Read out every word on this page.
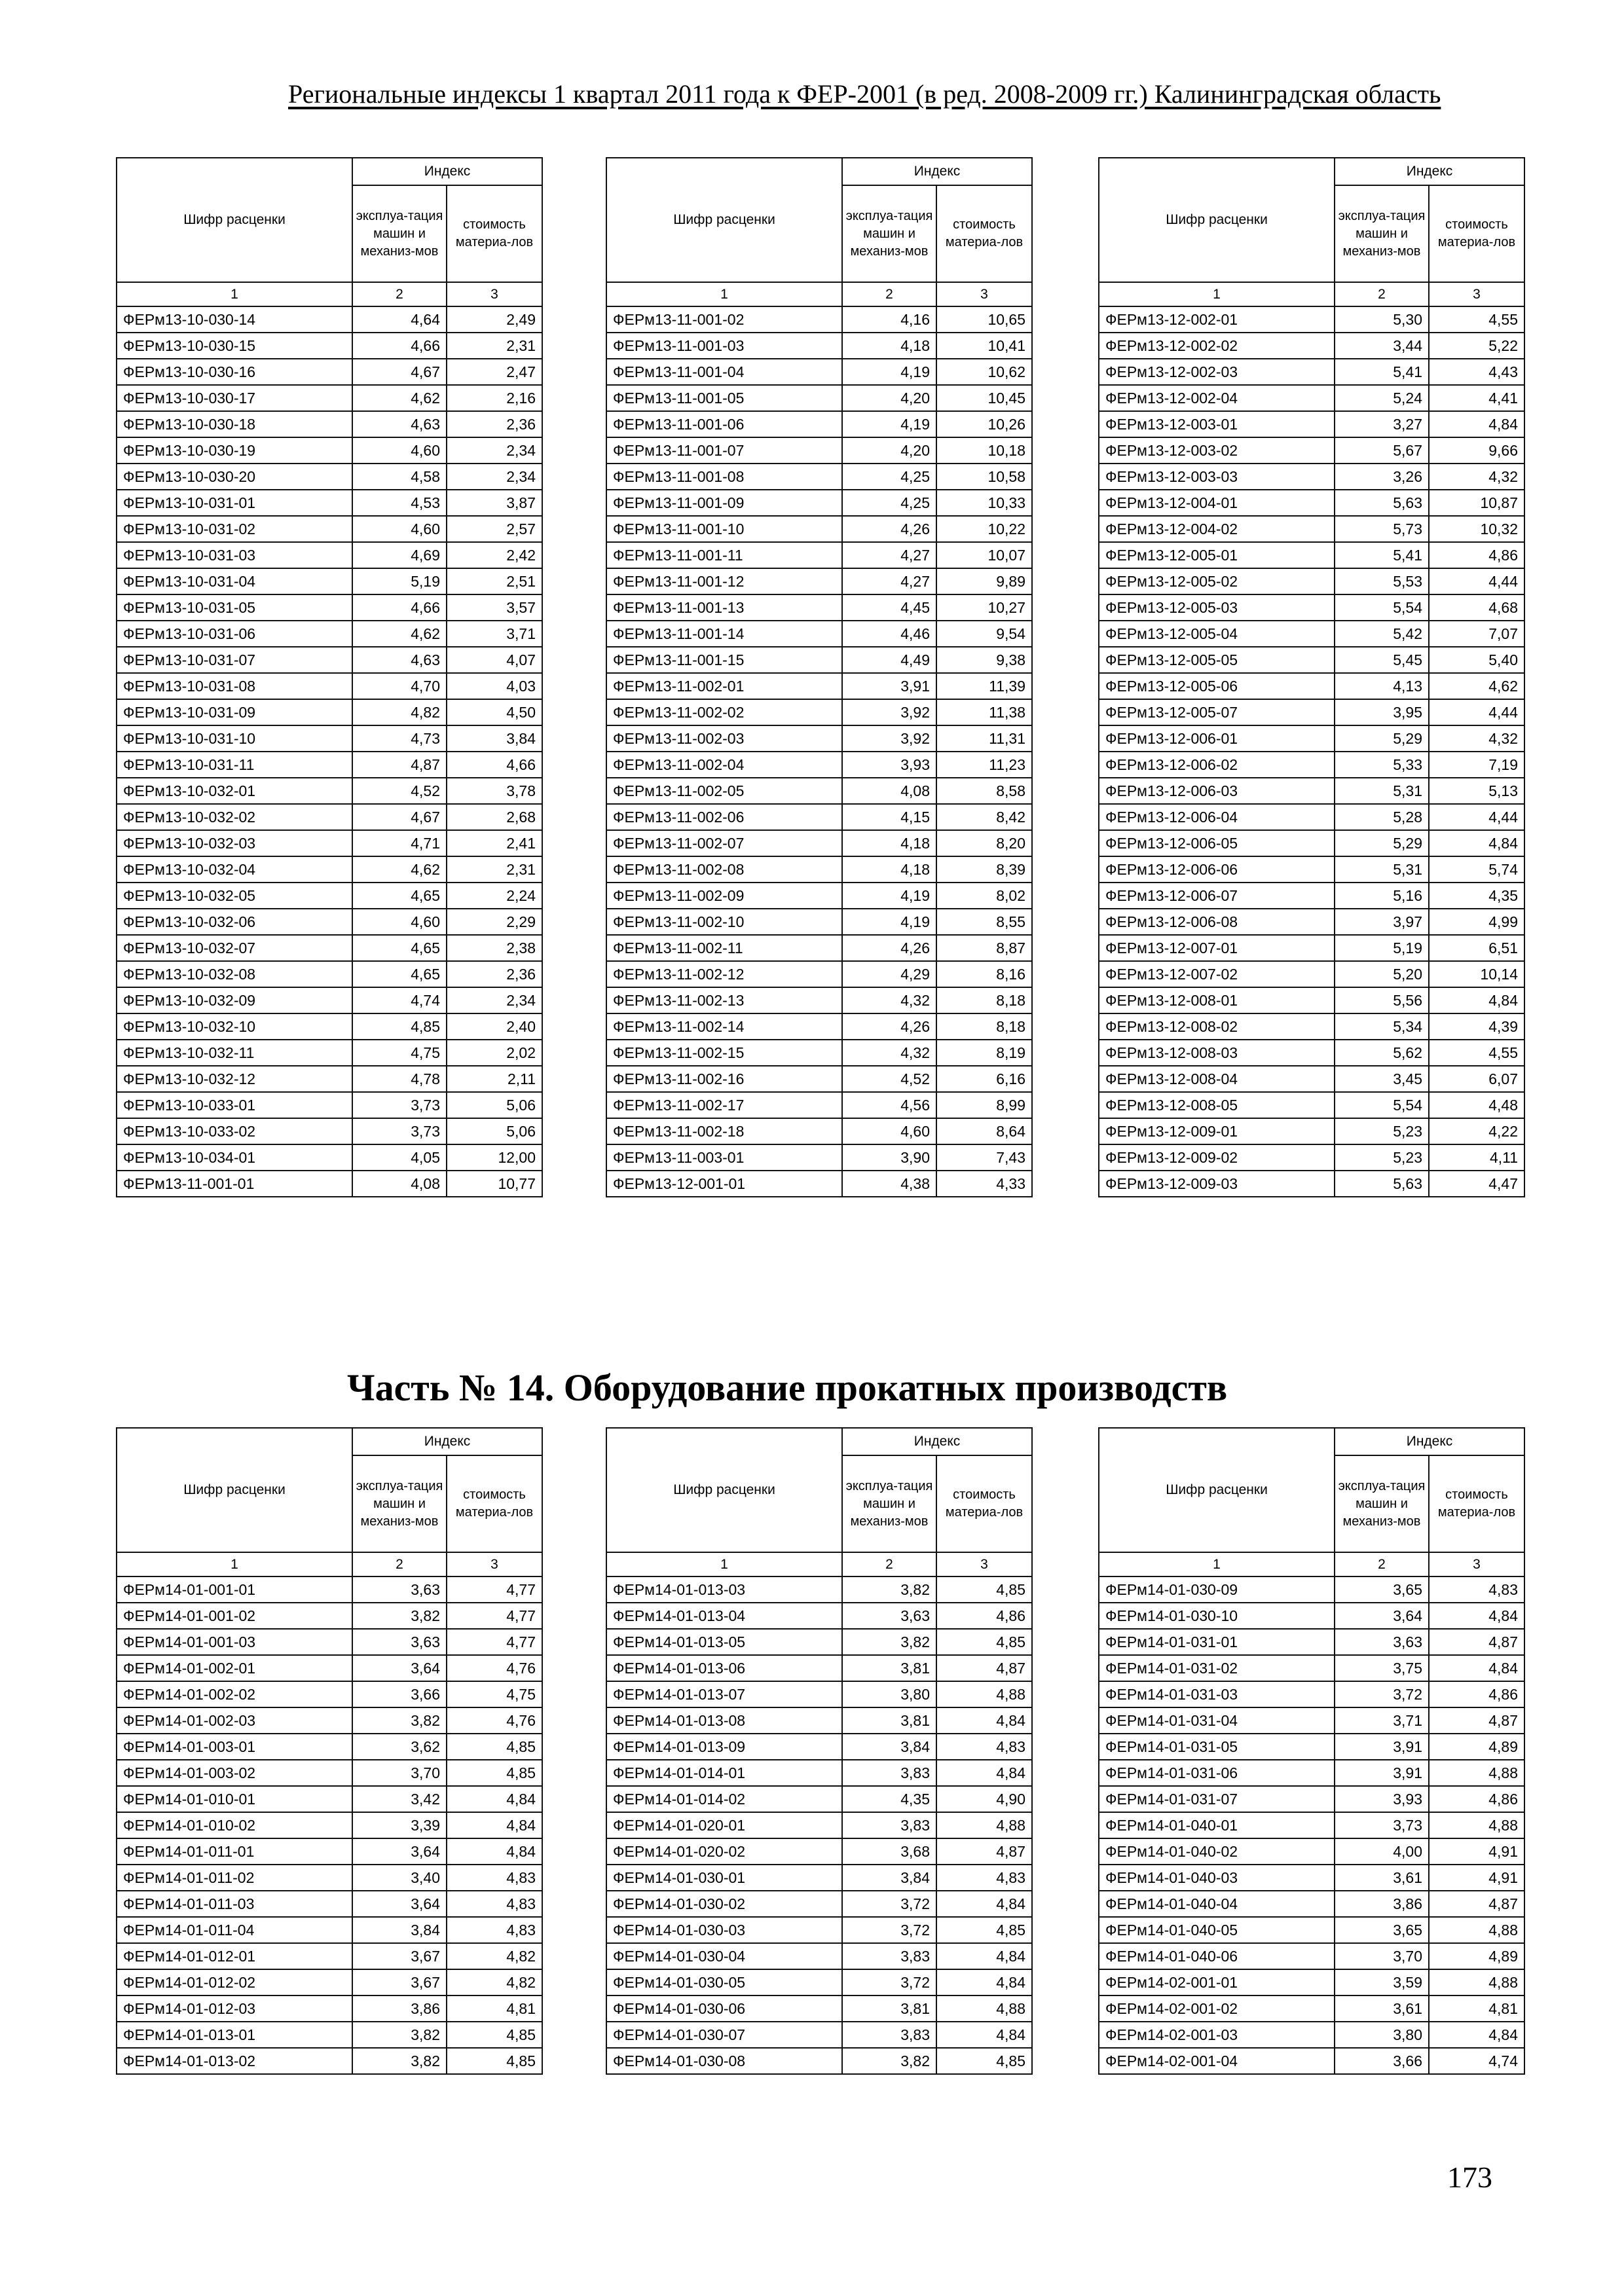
Региональные индексы 1 квартал 2011 года к ФЕР-2001 (в ред. 2008-2009 гг.) Калининградская область
Шифр расценки	Индекс	
	эксплуа-тация машин и механиз-мов	стоимость материа-лов
1	2	3
ФЕРм13-10-030-14	4,64	2,49
ФЕРм13-10-030-15	4,66	2,31
ФЕРм13-10-030-16	4,67	2,47
ФЕРм13-10-030-17	4,62	2,16
ФЕРм13-10-030-18	4,63	2,36
ФЕРм13-10-030-19	4,60	2,34
ФЕРм13-10-030-20	4,58	2,34
ФЕРм13-10-031-01	4,53	3,87
ФЕРм13-10-031-02	4,60	2,57
ФЕРм13-10-031-03	4,69	2,42
ФЕРм13-10-031-04	5,19	2,51
ФЕРм13-10-031-05	4,66	3,57
ФЕРм13-10-031-06	4,62	3,71
ФЕРм13-10-031-07	4,63	4,07
ФЕРм13-10-031-08	4,70	4,03
ФЕРм13-10-031-09	4,82	4,50
ФЕРм13-10-031-10	4,73	3,84
ФЕРм13-10-031-11	4,87	4,66
ФЕРм13-10-032-01	4,52	3,78
ФЕРм13-10-032-02	4,67	2,68
ФЕРм13-10-032-03	4,71	2,41
ФЕРм13-10-032-04	4,62	2,31
ФЕРм13-10-032-05	4,65	2,24
ФЕРм13-10-032-06	4,60	2,29
ФЕРм13-10-032-07	4,65	2,38
ФЕРм13-10-032-08	4,65	2,36
ФЕРм13-10-032-09	4,74	2,34
ФЕРм13-10-032-10	4,85	2,40
ФЕРм13-10-032-11	4,75	2,02
ФЕРм13-10-032-12	4,78	2,11
ФЕРм13-10-033-01	3,73	5,06
ФЕРм13-10-033-02	3,73	5,06
ФЕРм13-10-034-01	4,05	12,00
ФЕРм13-11-001-01	4,08	10,77
Шифр расценки	Индекс	
	эксплуа-тация машин и механиз-мов	стоимость материа-лов
1	2	3
ФЕРм13-11-001-02	4,16	10,65
ФЕРм13-11-001-03	4,18	10,41
ФЕРм13-11-001-04	4,19	10,62
ФЕРм13-11-001-05	4,20	10,45
ФЕРм13-11-001-06	4,19	10,26
ФЕРм13-11-001-07	4,20	10,18
ФЕРм13-11-001-08	4,25	10,58
ФЕРм13-11-001-09	4,25	10,33
ФЕРм13-11-001-10	4,26	10,22
ФЕРм13-11-001-11	4,27	10,07
ФЕРм13-11-001-12	4,27	9,89
ФЕРм13-11-001-13	4,45	10,27
ФЕРм13-11-001-14	4,46	9,54
ФЕРм13-11-001-15	4,49	9,38
ФЕРм13-11-002-01	3,91	11,39
ФЕРм13-11-002-02	3,92	11,38
ФЕРм13-11-002-03	3,92	11,31
ФЕРм13-11-002-04	3,93	11,23
ФЕРм13-11-002-05	4,08	8,58
ФЕРм13-11-002-06	4,15	8,42
ФЕРм13-11-002-07	4,18	8,20
ФЕРм13-11-002-08	4,18	8,39
ФЕРм13-11-002-09	4,19	8,02
ФЕРм13-11-002-10	4,19	8,55
ФЕРм13-11-002-11	4,26	8,87
ФЕРм13-11-002-12	4,29	8,16
ФЕРм13-11-002-13	4,32	8,18
ФЕРм13-11-002-14	4,26	8,18
ФЕРм13-11-002-15	4,32	8,19
ФЕРм13-11-002-16	4,52	6,16
ФЕРм13-11-002-17	4,56	8,99
ФЕРм13-11-002-18	4,60	8,64
ФЕРм13-11-003-01	3,90	7,43
ФЕРм13-12-001-01	4,38	4,33
Шифр расценки	Индекс	
	эксплуа-тация машин и механиз-мов	стоимость материа-лов
1	2	3
ФЕРм13-12-002-01	5,30	4,55
ФЕРм13-12-002-02	3,44	5,22
ФЕРм13-12-002-03	5,41	4,43
ФЕРм13-12-002-04	5,24	4,41
ФЕРм13-12-003-01	3,27	4,84
ФЕРм13-12-003-02	5,67	9,66
ФЕРм13-12-003-03	3,26	4,32
ФЕРм13-12-004-01	5,63	10,87
ФЕРм13-12-004-02	5,73	10,32
ФЕРм13-12-005-01	5,41	4,86
ФЕРм13-12-005-02	5,53	4,44
ФЕРм13-12-005-03	5,54	4,68
ФЕРм13-12-005-04	5,42	7,07
ФЕРм13-12-005-05	5,45	5,40
ФЕРм13-12-005-06	4,13	4,62
ФЕРм13-12-005-07	3,95	4,44
ФЕРм13-12-006-01	5,29	4,32
ФЕРм13-12-006-02	5,33	7,19
ФЕРм13-12-006-03	5,31	5,13
ФЕРм13-12-006-04	5,28	4,44
ФЕРм13-12-006-05	5,29	4,84
ФЕРм13-12-006-06	5,31	5,74
ФЕРм13-12-006-07	5,16	4,35
ФЕРм13-12-006-08	3,97	4,99
ФЕРм13-12-007-01	5,19	6,51
ФЕРм13-12-007-02	5,20	10,14
ФЕРм13-12-008-01	5,56	4,84
ФЕРм13-12-008-02	5,34	4,39
ФЕРм13-12-008-03	5,62	4,55
ФЕРм13-12-008-04	3,45	6,07
ФЕРм13-12-008-05	5,54	4,48
ФЕРм13-12-009-01	5,23	4,22
ФЕРм13-12-009-02	5,23	4,11
ФЕРм13-12-009-03	5,63	4,47
Часть № 14. Оборудование прокатных производств
Шифр расценки	Индекс	
	эксплуа-тация машин и механиз-мов	стоимость материа-лов
1	2	3
ФЕРм14-01-001-01	3,63	4,77
ФЕРм14-01-001-02	3,82	4,77
ФЕРм14-01-001-03	3,63	4,77
ФЕРм14-01-002-01	3,64	4,76
ФЕРм14-01-002-02	3,66	4,75
ФЕРм14-01-002-03	3,82	4,76
ФЕРм14-01-003-01	3,62	4,85
ФЕРм14-01-003-02	3,70	4,85
ФЕРм14-01-010-01	3,42	4,84
ФЕРм14-01-010-02	3,39	4,84
ФЕРм14-01-011-01	3,64	4,84
ФЕРм14-01-011-02	3,40	4,83
ФЕРм14-01-011-03	3,64	4,83
ФЕРм14-01-011-04	3,84	4,83
ФЕРм14-01-012-01	3,67	4,82
ФЕРм14-01-012-02	3,67	4,82
ФЕРм14-01-012-03	3,86	4,81
ФЕРм14-01-013-01	3,82	4,85
ФЕРм14-01-013-02	3,82	4,85
Шифр расценки	Индекс	
	эксплуа-тация машин и механиз-мов	стоимость материа-лов
1	2	3
ФЕРм14-01-013-03	3,82	4,85
ФЕРм14-01-013-04	3,63	4,86
ФЕРм14-01-013-05	3,82	4,85
ФЕРм14-01-013-06	3,81	4,87
ФЕРм14-01-013-07	3,80	4,88
ФЕРм14-01-013-08	3,81	4,84
ФЕРм14-01-013-09	3,84	4,83
ФЕРм14-01-014-01	3,83	4,84
ФЕРм14-01-014-02	4,35	4,90
ФЕРм14-01-020-01	3,83	4,88
ФЕРм14-01-020-02	3,68	4,87
ФЕРм14-01-030-01	3,84	4,83
ФЕРм14-01-030-02	3,72	4,84
ФЕРм14-01-030-03	3,72	4,85
ФЕРм14-01-030-04	3,83	4,84
ФЕРм14-01-030-05	3,72	4,84
ФЕРм14-01-030-06	3,81	4,88
ФЕРм14-01-030-07	3,83	4,84
ФЕРм14-01-030-08	3,82	4,85
Шифр расценки	Индекс	
	эксплуа-тация машин и механиз-мов	стоимость материа-лов
1	2	3
ФЕРм14-01-030-09	3,65	4,83
ФЕРм14-01-030-10	3,64	4,84
ФЕРм14-01-031-01	3,63	4,87
ФЕРм14-01-031-02	3,75	4,84
ФЕРм14-01-031-03	3,72	4,86
ФЕРм14-01-031-04	3,71	4,87
ФЕРм14-01-031-05	3,91	4,89
ФЕРм14-01-031-06	3,91	4,88
ФЕРм14-01-031-07	3,93	4,86
ФЕРм14-01-040-01	3,73	4,88
ФЕРм14-01-040-02	4,00	4,91
ФЕРм14-01-040-03	3,61	4,91
ФЕРм14-01-040-04	3,86	4,87
ФЕРм14-01-040-05	3,65	4,88
ФЕРм14-01-040-06	3,70	4,89
ФЕРм14-02-001-01	3,59	4,88
ФЕРм14-02-001-02	3,61	4,81
ФЕРм14-02-001-03	3,80	4,84
ФЕРм14-02-001-04	3,66	4,74
173
